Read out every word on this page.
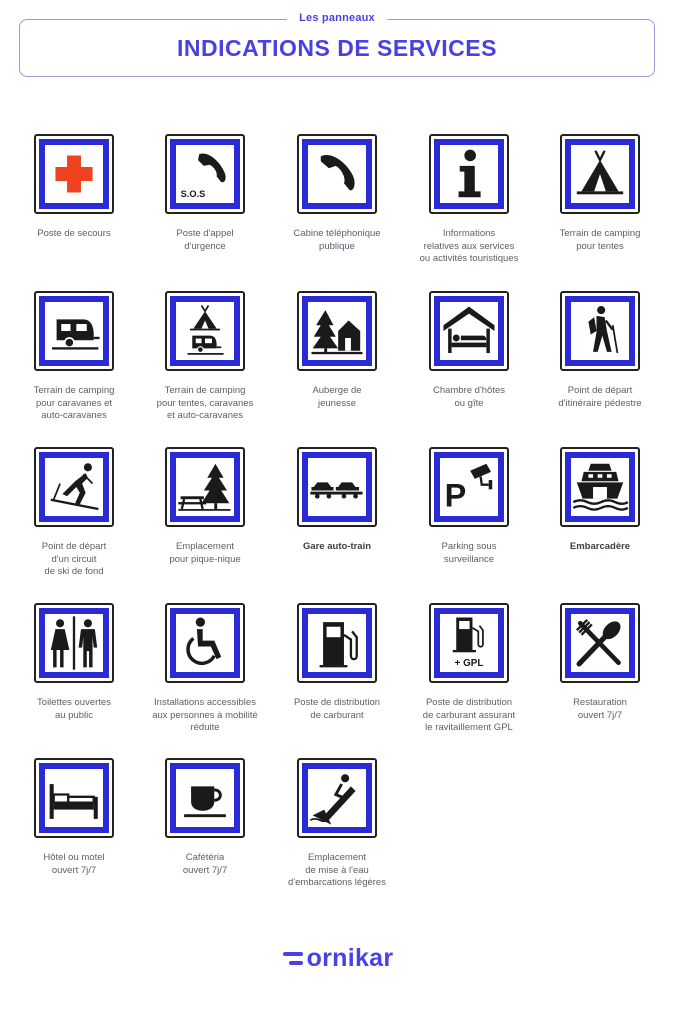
Les panneaux
INDICATIONS DE SERVICES
Poste de secours
S.O.S
Poste d'appel
d'urgence
Cabine téléphonique
publique
Informations
relatives aux services
ou activités touristiques
Terrain de camping
pour tentes
Terrain de camping
pour caravanes et
auto-caravanes
Terrain de camping
pour tentes, caravanes
et auto-caravanes
Auberge de
jeunesse
Chambre d'hôtes
ou gîte
Point de départ
d'itinéraire pédestre
Point de départ
d'un circuit
de ski de fond
Emplacement
pour pique-nique
Gare auto-train
P
Parking sous
surveillance
Embarcadère
Toilettes ouvertes
au public
Installations accessibles
aux personnes à mobilité
réduite
Poste de distribution
de carburant
+ GPL
Poste de distribution
de carburant assurant
le ravitaillement GPL
Restauration
ouvert 7j/7
Hôtel ou motel
ouvert 7j/7
Cafétéria
ouvert 7j/7
Emplacement
de mise à l'eau
d'embarcations légères
ornikar
